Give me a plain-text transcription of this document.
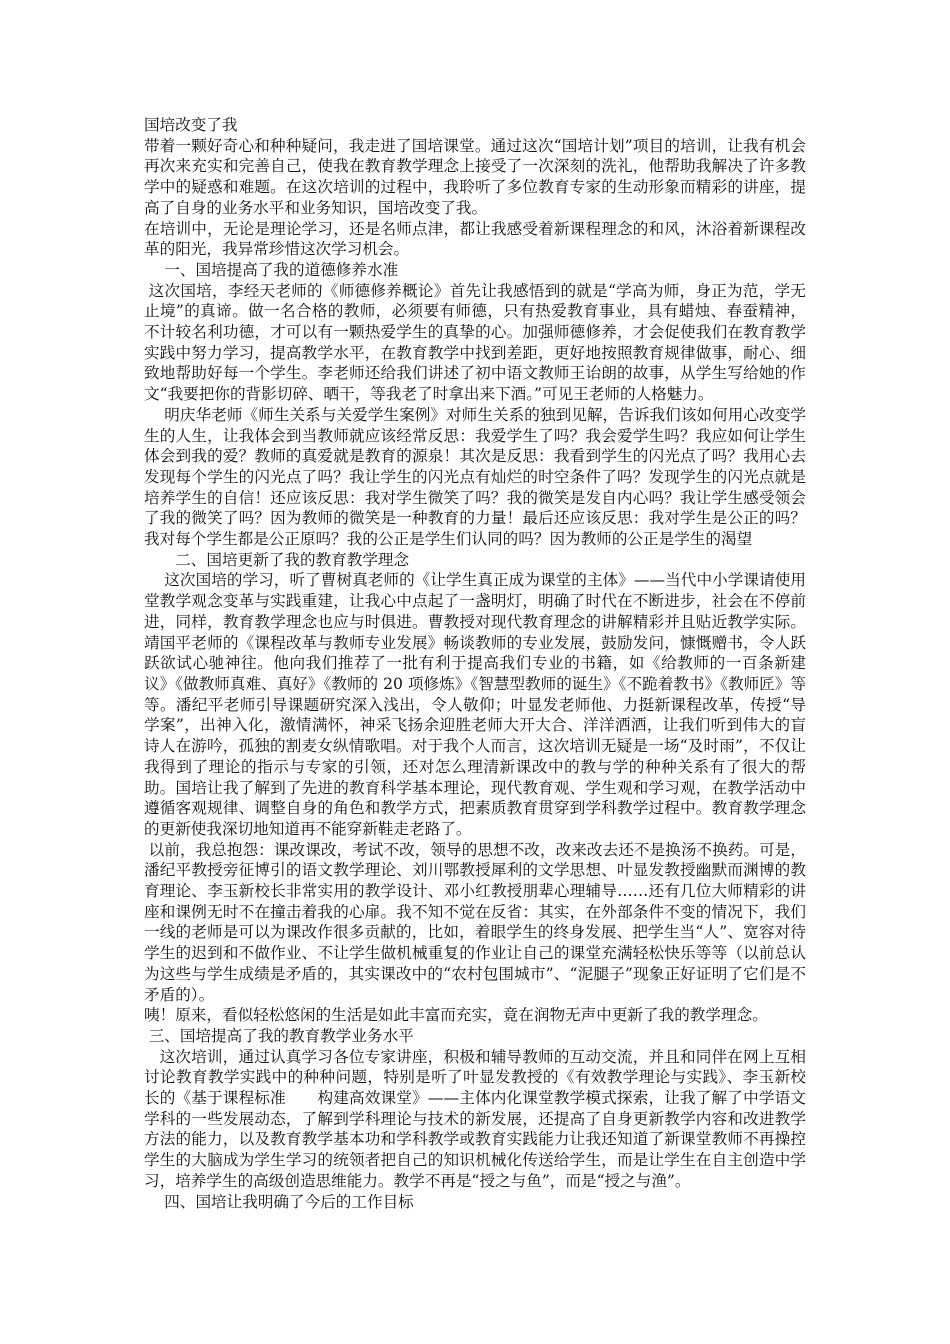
国培改变了我

带着一颗好奇心和种种疑问，我走进了国培课堂。通过这次“国培计划”项目的培训，让我有机会再次来充实和完善自己，使我在教育教学理念上接受了一次深刻的洗礼，他帮助我解决了许多教学中的疑惑和难题。在这次培训的过程中，我聆听了多位教育专家的生动形象而精彩的讲座，提高了自身的业务水平和业务知识，国培改变了我。

在培训中，无论是理论学习，还是名师点津，都让我感受着新课程理念的和风，沐浴着新课程改革的阳光，我异常珍惜这次学习机会。

一、国培提高了我的道德修养水准

这次国培，李经天老师的《师德修养概论》首先让我感悟到的就是“学高为师，身正为范，学无止境”的真谛。做一名合格的教师，必须要有师德，只有热爱教育事业，具有蜡烛、春蚕精神，不计较名利功德，才可以有一颗热爱学生的真挚的心。加强师德修养，才会促使我们在教育教学实践中努力学习，提高教学水平，在教育教学中找到差距，更好地按照教育规律做事，耐心、细致地帮助好每一个学生。李老师还给我们讲述了初中语文教师王诒朗的故事，从学生写给她的作文“我要把你的背影切碎、晒干，等我老了时拿出来下酒。”可见王老师的人格魅力。

明庆华老师《师生关系与关爱学生案例》对师生关系的独到见解，告诉我们该如何用心改变学生的人生，让我体会到当教师就应该经常反思：我爱学生了吗？我会爱学生吗？我应如何让学生体会到我的爱？教师的真爱就是教育的源泉！其次是反思：我看到学生的闪光点了吗？我用心去发现每个学生的闪光点了吗？我让学生的闪光点有灿烂的时空条件了吗？发现学生的闪光点就是培养学生的自信！还应该反思：我对学生微笑了吗？我的微笑是发自内心吗？我让学生感受领会了我的微笑了吗？因为教师的微笑是一种教育的力量！最后还应该反思：我对学生是公正的吗？我对每个学生都是公正原吗？我的公正是学生们认同的吗？因为教师的公正是学生的渴望

二、国培更新了我的教育教学理念

这次国培的学习，听了曹树真老师的《让学生真正成为课堂的主体》——当代中小学课请使用堂教学观念变革与实践重建，让我心中点起了一盏明灯，明确了时代在不断进步，社会在不停前进，同样，教育教学理念也应与时俱进。曹教授对现代教育理念的讲解精彩并且贴近教学实际。靖国平老师的《课程改革与教师专业发展》畅谈教师的专业发展，鼓励发问，慷慨赠书，令人跃跃欲试心驰神往。他向我们推荐了一批有利于提高我们专业的书籍，如《给教师的一百条新建议》《做教师真难、真好》《教师的 20 项修炼》《智慧型教师的诞生》《不跪着教书》《教师匠》等等。潘纪平老师引导课题研究深入浅出，令人敬仰；叶显发老师他、力挺新课程改革，传授“导学案”，出神入化，激情满怀，神采飞扬余迎胜老师大开大合、洋洋洒洒，让我们听到伟大的盲诗人在游吟，孤独的割麦女纵情歌唱。对于我个人而言，这次培训无疑是一场“及时雨”，不仅让我得到了理论的指示与专家的引领，还对怎么理清新课改中的教与学的种种关系有了很大的帮助。国培让我了解到了先进的教育科学基本理论，现代教育观、学生观和学习观，在教学活动中遵循客观规律、调整自身的角色和教学方式，把素质教育贯穿到学科教学过程中。教育教学理念的更新使我深切地知道再不能穿新鞋走老路了。

以前，我总抱怨：课改课改，考试不改，领导的思想不改，改来改去还不是换汤不换药。可是，潘纪平教授旁征博引的语文教学理论、刘川鄂教授犀利的文学思想、叶显发教授幽默而渊博的教育理论、李玉新校长非常实用的教学设计、邓小红教授朋辈心理辅导……还有几位大师精彩的讲座和课例无时不在撞击着我的心扉。我不知不觉在反省：其实，在外部条件不变的情况下，我们一线的老师是可以为课改作很多贡献的，比如，着眼学生的终身发展、把学生当“人”、宽容对待学生的迟到和不做作业、不让学生做机械重复的作业让自己的课堂充满轻松快乐等等（以前总认为这些与学生成绩是矛盾的，其实课改中的“农村包围城市”、“泥腿子”现象正好证明了它们是不矛盾的）。

咦！原来，看似轻松悠闲的生活是如此丰富而充实，竟在润物无声中更新了我的教学理念。

三、国培提高了我的教育教学业务水平

这次培训，通过认真学习各位专家讲座，积极和辅导教师的互动交流，并且和同伴在网上互相讨论教育教学实践中的种种问题，特别是听了叶显发教授的《有效教学理论与实践》、李玉新校长的《基于课程标准　　构建高效课堂》——主体内化课堂教学模式探索，让我了解了中学语文学科的一些发展动态，了解到学科理论与技术的新发展，还提高了自身更新教学内容和改进教学方法的能力，以及教育教学基本功和学科教学或教育实践能力让我还知道了新课堂教师不再操控学生的大脑成为学生学习的统领者把自己的知识机械化传送给学生，而是让学生在自主创造中学习，培养学生的高级创造思维能力。教学不再是“授之与鱼”，而是“授之与渔”。

四、国培让我明确了今后的工作目标
